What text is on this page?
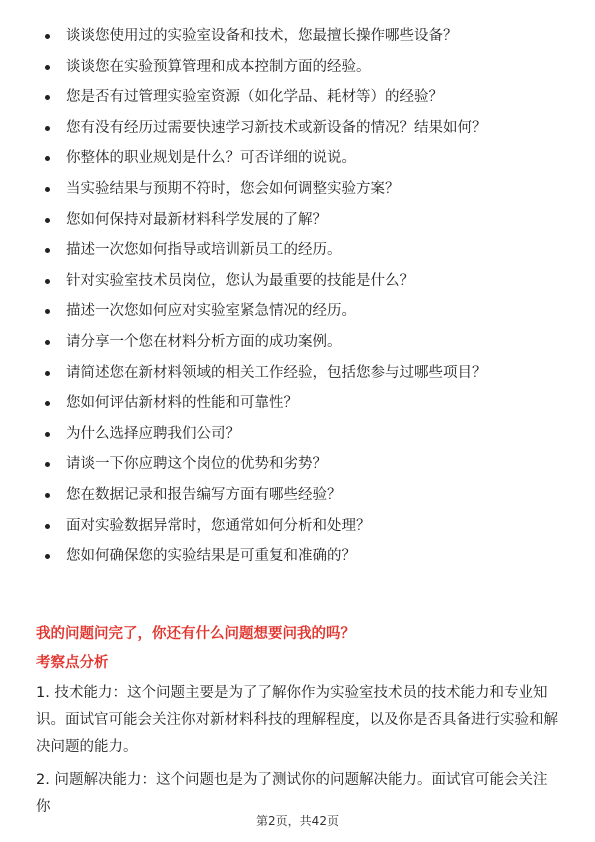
谈谈您使用过的实验室设备和技术，您最擅长操作哪些设备？
谈谈您在实验预算管理和成本控制方面的经验。
您是否有过管理实验室资源（如化学品、耗材等）的经验？
您有没有经历过需要快速学习新技术或新设备的情况？结果如何？
你整体的职业规划是什么？可否详细的说说。
当实验结果与预期不符时，您会如何调整实验方案？
您如何保持对最新材料科学发展的了解？
描述一次您如何指导或培训新员工的经历。
针对实验室技术员岗位，您认为最重要的技能是什么？
描述一次您如何应对实验室紧急情况的经历。
请分享一个您在材料分析方面的成功案例。
请简述您在新材料领域的相关工作经验，包括您参与过哪些项目？
您如何评估新材料的性能和可靠性？
为什么选择应聘我们公司？
请谈一下你应聘这个岗位的优势和劣势？
您在数据记录和报告编写方面有哪些经验？
面对实验数据异常时，您通常如何分析和处理？
您如何确保您的实验结果是可重复和准确的？
我的问题问完了，你还有什么问题想要问我的吗？
考察点分析

1. 技术能力：这个问题主要是为了了解你作为实验室技术员的技术能力和专业知识。面试官可能会关注你对新材料科技的理解程度，以及你是否具备进行实验和解决问题的能力。

2. 问题解决能力：这个问题也是为了测试你的问题解决能力。面试官可能会关注你

第2页，共42页
